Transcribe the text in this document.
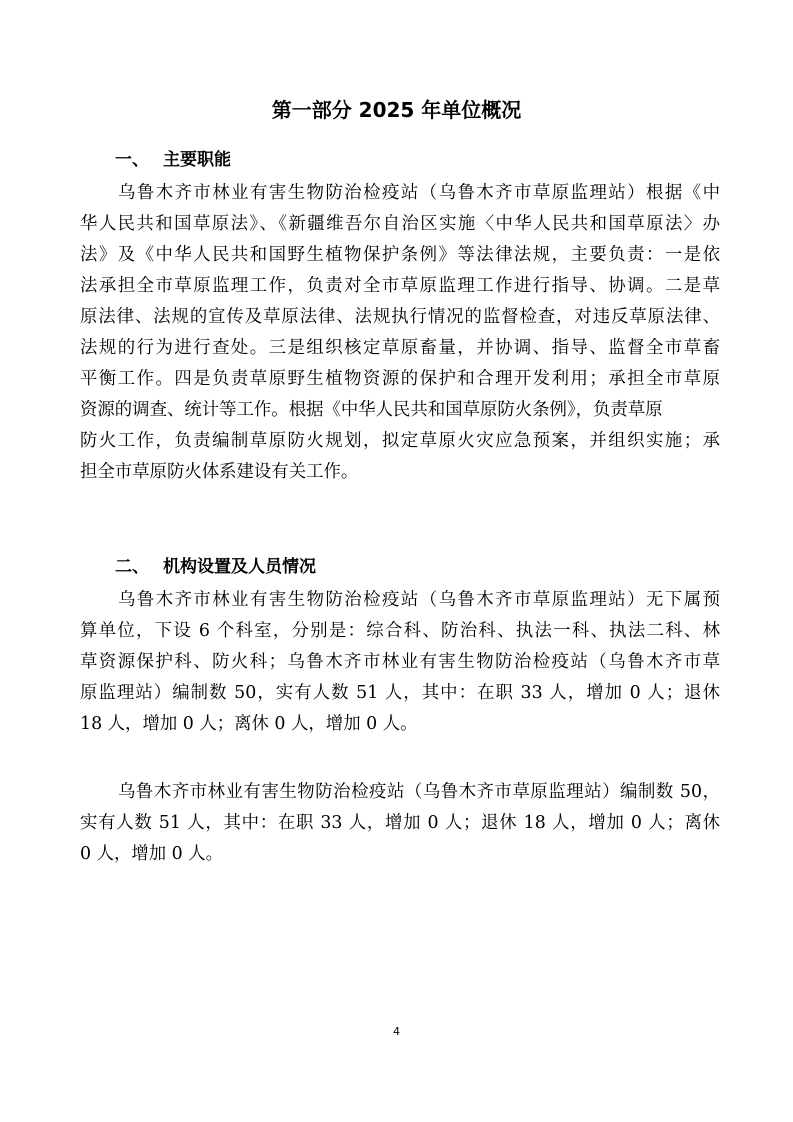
第一部分 2025 年单位概况
一、 主要职能
乌鲁木齐市林业有害生物防治检疫站（乌鲁木齐市草原监理站）根据《中
华人民共和国草原法》、《新疆维吾尔自治区实施〈中华人民共和国草原法〉办
法》及《中华人民共和国野生植物保护条例》等法律法规，主要负责：一是依
法承担全市草原监理工作，负责对全市草原监理工作进行指导、协调。二是草
原法律、法规的宣传及草原法律、法规执行情况的监督检查，对违反草原法律、
法规的行为进行查处。三是组织核定草原畜量，并协调、指导、监督全市草畜
平衡工作。四是负责草原野生植物资源的保护和合理开发利用；承担全市草原
资源的调查、统计等工作。根据《中华人民共和国草原防火条例》，负责草原
防火工作，负责编制草原防火规划，拟定草原火灾应急预案，并组织实施；承
担全市草原防火体系建设有关工作。
二、 机构设置及人员情况
乌鲁木齐市林业有害生物防治检疫站（乌鲁木齐市草原监理站）无下属预
算单位，下设 6 个科室，分别是：综合科、防治科、执法一科、执法二科、林
草资源保护科、防火科；乌鲁木齐市林业有害生物防治检疫站（乌鲁木齐市草
原监理站）编制数 50，实有人数 51 人，其中：在职 33 人，增加 0 人；退休
18 人，增加 0 人；离休 0 人，增加 0 人。
乌鲁木齐市林业有害生物防治检疫站（乌鲁木齐市草原监理站）编制数 50，
实有人数 51 人，其中：在职 33 人，增加 0 人；退休 18 人，增加 0 人；离休
0 人，增加 0 人。
4
